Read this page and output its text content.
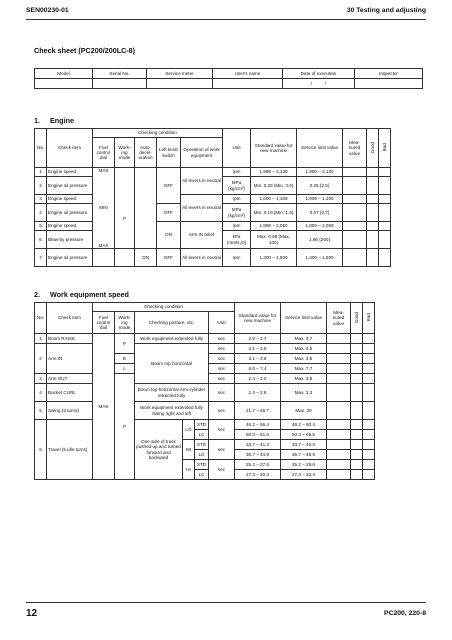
SEN00230-01	30 Testing and adjusting
Check sheet (PC200/200LC-8)
Model	Serial No.	Service meter	User's name	Date of execution	Inspector
				/          /	
1. Engine
No.	Check item	Checking condition					Unit	Standard value for new machine	Service limit value	Mea-sured value	Good	Bad	
		Fuel control dial	Work-ing mode	Auto-decel-eration	Left knob switch	Operation of work equipment							
1	Engine speed	MAX	P		OFF	All levers in neutral	rpm	1,990 – 2,130	1,990 – 2,130				
2	Engine oil pressure						MPa {kg/cm²}	Min. 0.29 (Min. 3.0)	0.25 {2.5}				

3	Engine speed	MIN				All levers in neutral	rpm	1,000 – 1,100	1,000 – 1,100				
4	Engine oil pressure				OFF		MPa {kg/cm²}	Min. 0.10 (Min. 1.0)	0.07 {0.7}				

5	Engine speed	MAX			ON	Arm IN relief	rpm	1,850 – 2,050	1,850 – 2,050				
6	Blow-by pressure						kPa {mmH₂O}	Max. 0.98 (Max. 100)	1.96 {200}				

7	Engine oil pressure			ON	OFF	All levers in neutral	rpm	1,300 – 1,500	1,300 – 1,500				
2. Work equipment speed
No.	Check item	Checking condition				Standard value for new machine	Service limit value	Mea-sured value	Good	Bad	
		Fuel control dial	Work-ing mode	Checking posture, etc.	Unit						
1	Boom RAISE	MAX	P	Work equipment extended fully			sec	2.9 – 3.7	Max. 4.7			
2	Arm IN			Boom top horizontal			sec	3.1 – 3.9	Max. 4.5			
			E				sec	3.1 – 3.9	Max. 4.5			
			L				sec	6.0 – 7.4	Max. 7.7			
3	Arm OUT		P				sec	2.4 – 3.0	Max. 3.5			
4	Bucket CURL			Boom top horizontal Arm cylinder retracted fully			sec	2.3 – 2.9	Max. 3.3			
5	Swing (5 turns)			Work equipment extended fully Swing right and left			sec	21.7 – 26.7	Max. 30			
6	Travel (5 idle turns)			One side of track pushed up and turned forward and backward	LO	STD	sec	46.2 – 56.4	46.2 – 60.4			
						LC		50.3 – 61.5	50.3 – 65.5			
					MI	STD	sec	33.7 – 41.3	33.7 – 45.3			
						LC		36.7 – 44.9	36.7 – 48.9			
					HI	STD	sec	25.2 – 27.6	25.2 – 29.6			
						LC		27.3 – 30.3	27.3 – 32.3			
12	PC200, 220-8
